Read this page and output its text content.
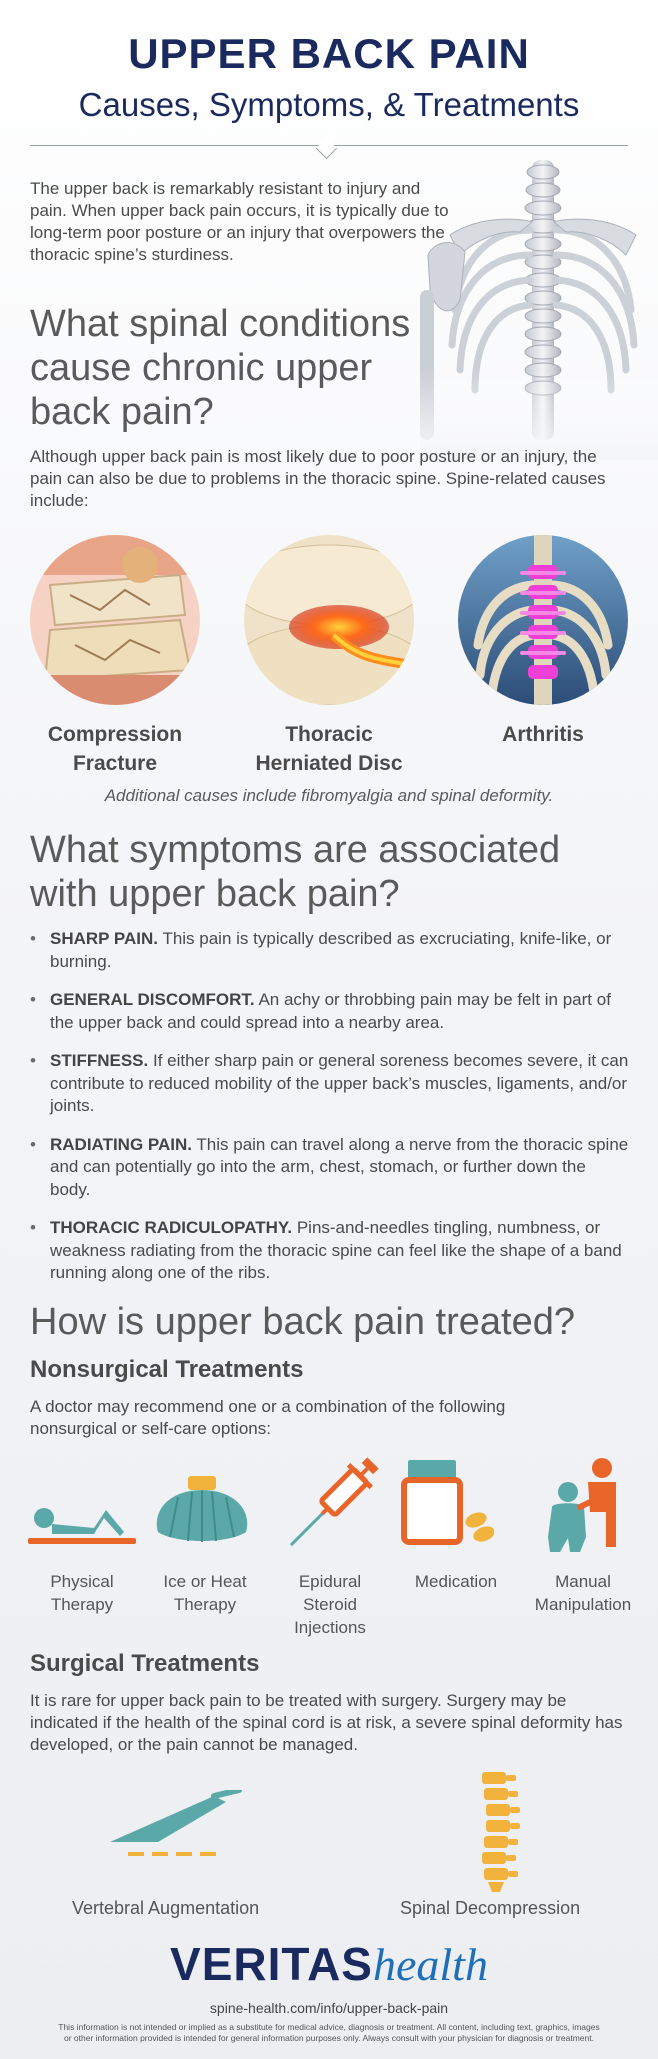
UPPER BACK PAIN
Causes, Symptoms, & Treatments
The upper back is remarkably resistant to injury and pain. When upper back pain occurs, it is typically due to long-term poor posture or an injury that overpowers the thoracic spine’s sturdiness.
What spinal conditions cause chronic upper back pain?
Although upper back pain is most likely due to poor posture or an injury, the pain can also be due to problems in the thoracic spine. Spine-related causes include:
Compression
Fracture
Thoracic
Herniated Disc
Arthritis
Additional causes include fibromyalgia and spinal deformity.
What symptoms are associated with upper back pain?
• SHARP PAIN. This pain is typically described as excruciating, knife-like, or burning.
• GENERAL DISCOMFORT. An achy or throbbing pain may be felt in part of the upper back and could spread into a nearby area.
• STIFFNESS. If either sharp pain or general soreness becomes severe, it can contribute to reduced mobility of the upper back’s muscles, ligaments, and/or joints.
• RADIATING PAIN. This pain can travel along a nerve from the thoracic spine and can potentially go into the arm, chest, stomach, or further down the body.
• THORACIC RADICULOPATHY. Pins-and-needles tingling, numbness, or weakness radiating from the thoracic spine can feel like the shape of a band running along one of the ribs.
How is upper back pain treated?
Nonsurgical Treatments
A doctor may recommend one or a combination of the following nonsurgical or self-care options:
Physical
Therapy
Ice or Heat
Therapy
Epidural
Steroid
Injections
Medication	Manual
Manipulation
Surgical Treatments
It is rare for upper back pain to be treated with surgery. Surgery may be indicated if the health of the spinal cord is at risk, a severe spinal deformity has developed, or the pain cannot be managed.
Vertebral Augmentation	Spinal Decompression
VERITAShealth
spine-health.com/info/upper-back-pain
This information is not intended or implied as a substitute for medical advice, diagnosis or treatment. All content, including text, graphics, images
or other information provided is intended for general information purposes only. Always consult with your physician for diagnosis or treatment.
